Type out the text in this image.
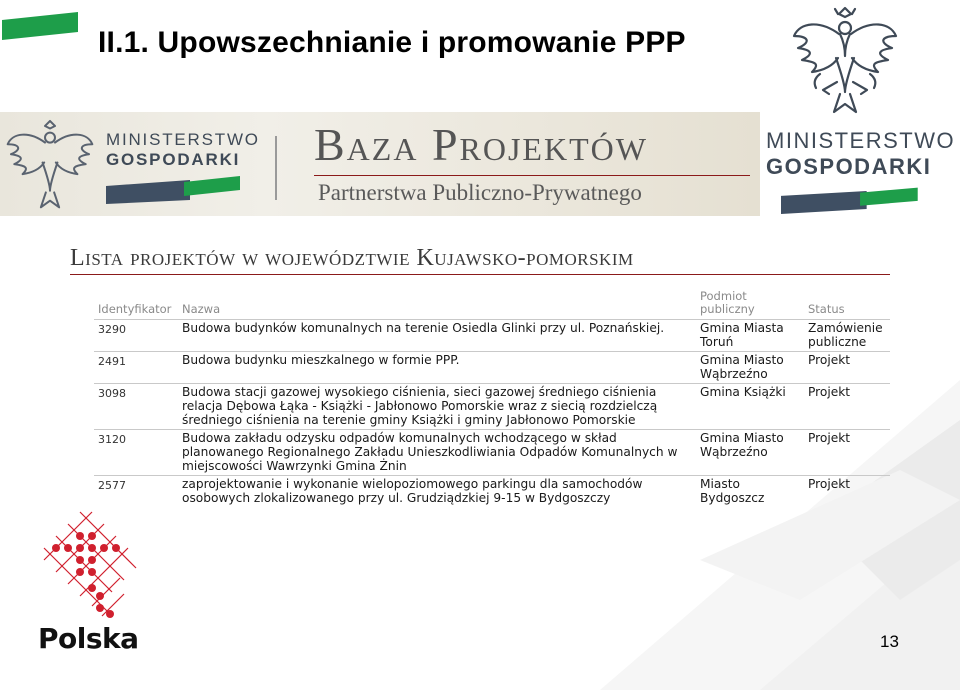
II.1. Upowszechnianie i promowanie PPP
MINISTERSTWO
GOSPODARKI
MINISTERSTWO
GOSPODARKI	Baza Projektów
Partnerstwa Publiczno-Prywatnego
Lista projektów w województwie Kujawsko-pomorskim
Identyfikator	Nazwa	Podmiot publiczny	Status
3290	Budowa budynków komunalnych na terenie Osiedla Glinki przy ul. Poznańskiej.	Gmina Miasta Toruń	Zamówienie publiczne
2491	Budowa budynku mieszkalnego w formie PPP.	Gmina Miasto Wąbrzeźno	Projekt
3098	Budowa stacji gazowej wysokiego ciśnienia, sieci gazowej średniego ciśnienia relacja Dębowa Łąka - Książki - Jabłonowo Pomorskie wraz z siecią rozdzielczą średniego ciśnienia na terenie gminy Książki i gminy Jabłonowo Pomorskie	Gmina Książki	Projekt
3120	Budowa zakładu odzysku odpadów komunalnych wchodzącego w skład planowanego Regionalnego Zakładu Unieszkodliwiania Odpadów Komunalnych w miejscowości Wawrzynki Gmina Żnin	Gmina Miasto Wąbrzeźno	Projekt
2577	zaprojektowanie i wykonanie wielopoziomowego parkingu dla samochodów osobowych zlokalizowanego przy ul. Grudziądzkiej 9-15 w Bydgoszczy	Miasto Bydgoszcz	Projekt
Polska	13
